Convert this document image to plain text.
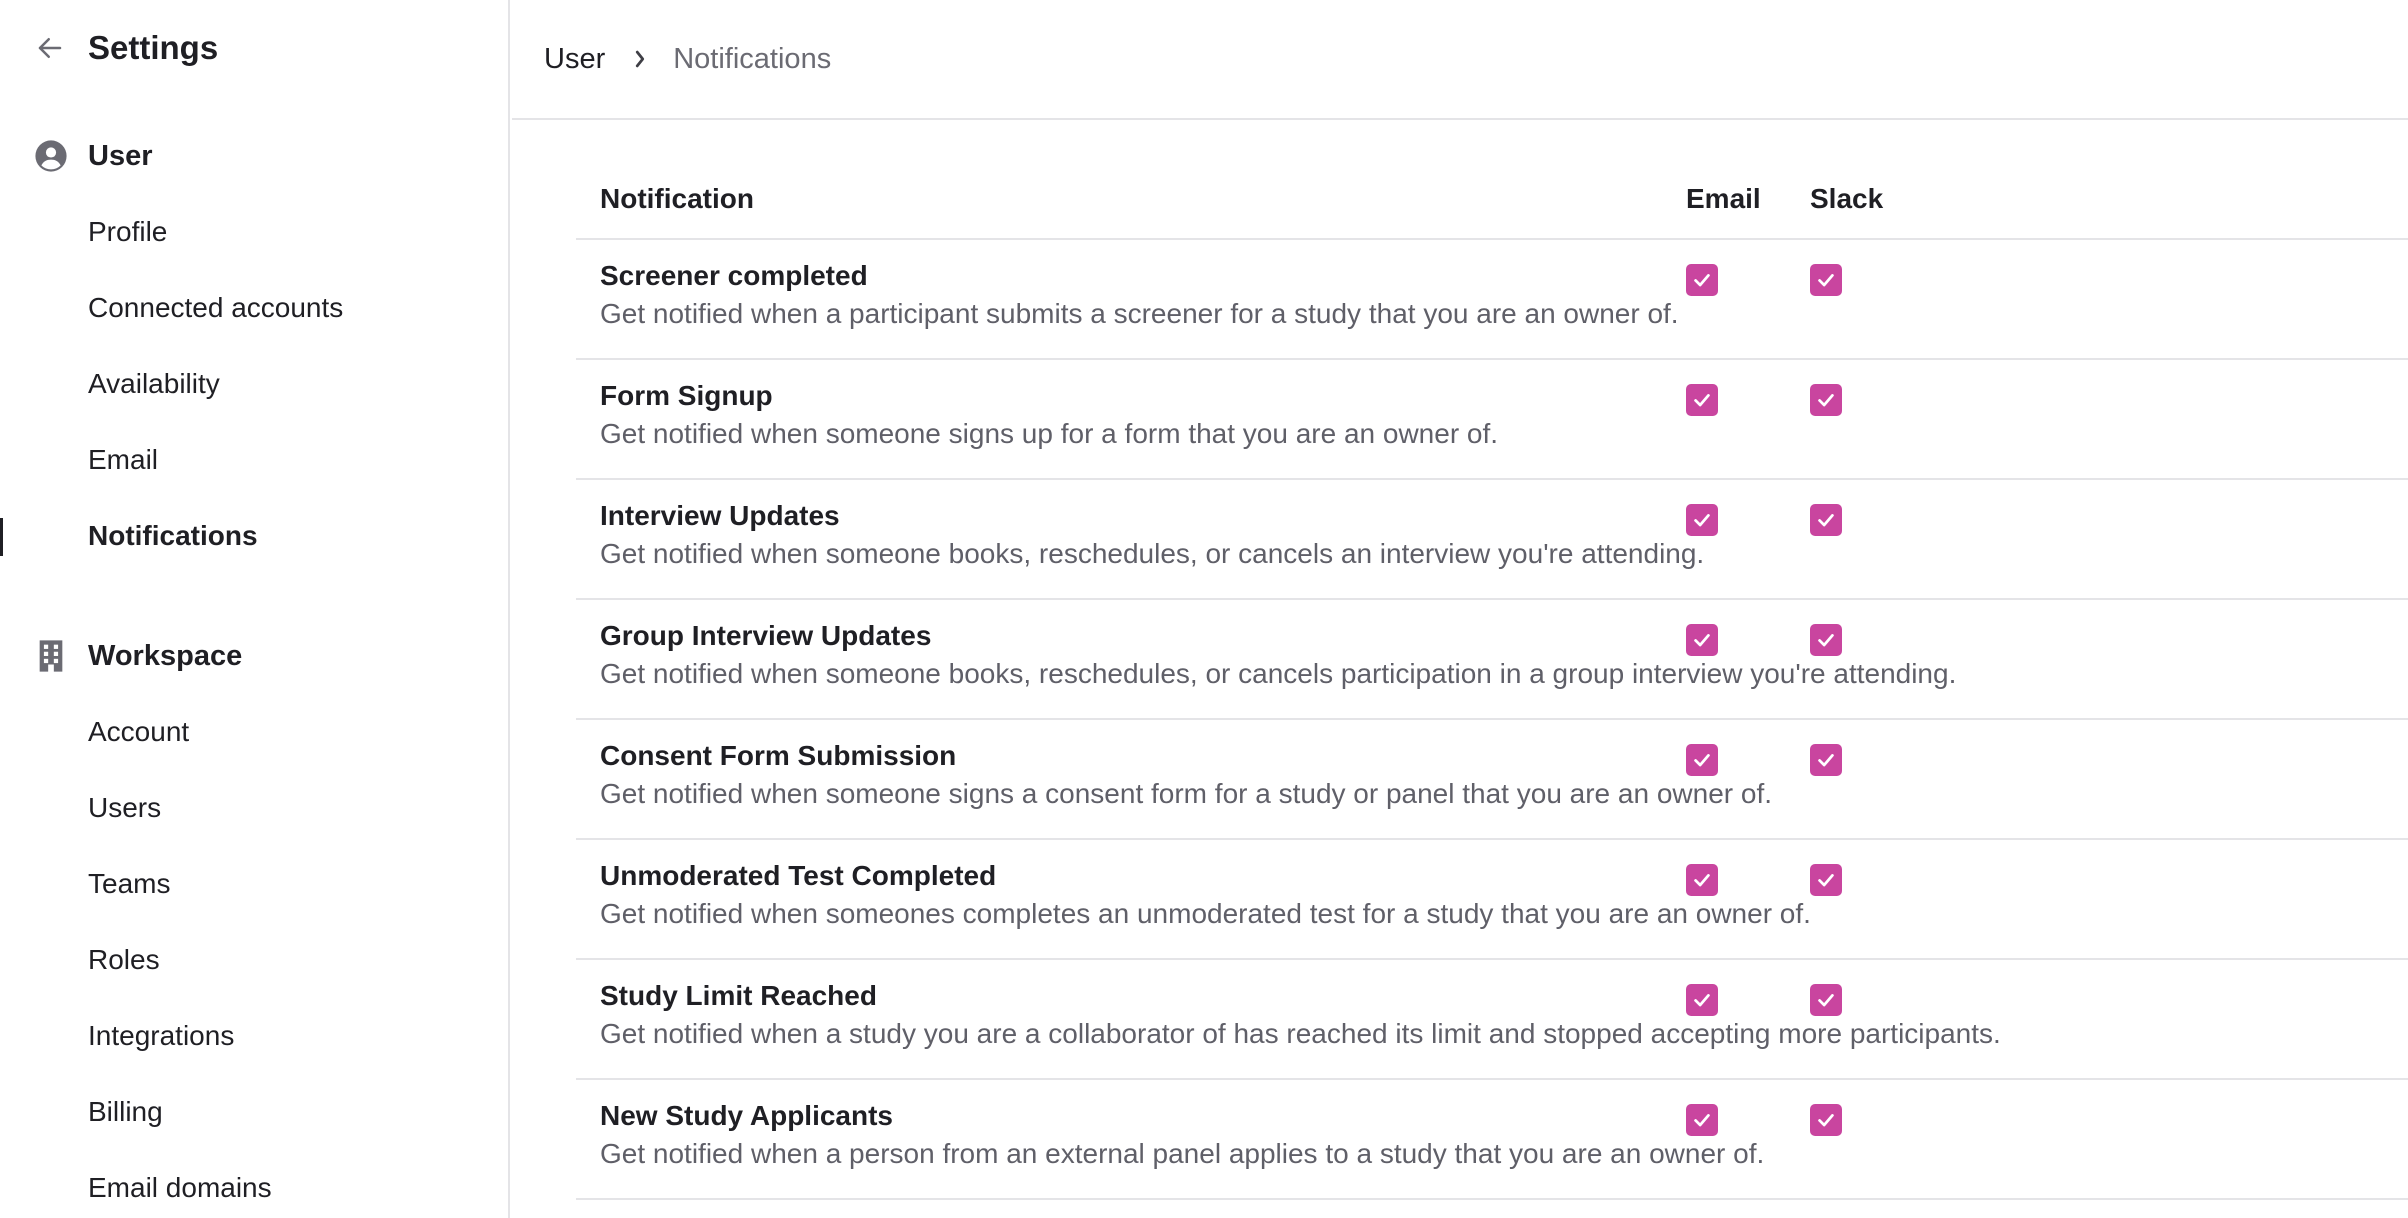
Settings
User
Profile
Connected accounts
Availability
Email
Notifications
Workspace
Account
Users
Teams
Roles
Integrations
Billing
Email domains
User Notifications
Notification	Email Slack
Screener completed
Get notified when a participant submits a screener for a study that you are an owner of.
Form Signup
Get notified when someone signs up for a form that you are an owner of.
Interview Updates
Get notified when someone books, reschedules, or cancels an interview you're attending.
Group Interview Updates
Get notified when someone books, reschedules, or cancels participation in a group interview you're attending.
Consent Form Submission
Get notified when someone signs a consent form for a study or panel that you are an owner of.
Unmoderated Test Completed
Get notified when someones completes an unmoderated test for a study that you are an owner of.
Study Limit Reached
Get notified when a study you are a collaborator of has reached its limit and stopped accepting more participants.
New Study Applicants
Get notified when a person from an external panel applies to a study that you are an owner of.
